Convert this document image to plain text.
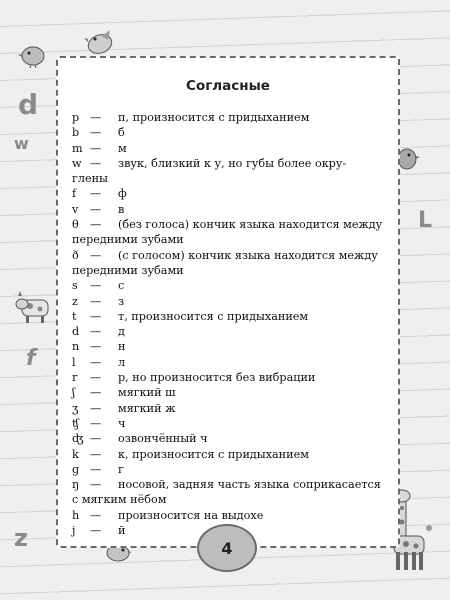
d
w
L
f
z
Согласные
p —	п, произносится с придыханием
b —	б
m —	м
w —	звук, близкий к у, но губы более окру-
глены
f	—	ф
v	—	в
θ	—	(без голоса) кончик языка находится между
передними зубами
ð	—	(с голосом) кончик языка находится между
передними зубами
s	—	с
z	—	з
t	—	т, произносится с придыханием
d —	д
n —	н
l	—	л
r	—	р, но произносится без вибрации
ʃ	—	мягкий ш
ʒ	—	мягкий ж
ʧ	—	ч
ʤ —	озвончённый ч
k	—	к, произносится с придыханием
g —	г
ŋ —	носовой, задняя часть языка соприкасается
с мягким нёбом
h —	произносится на выдохе
j	—	й
4
